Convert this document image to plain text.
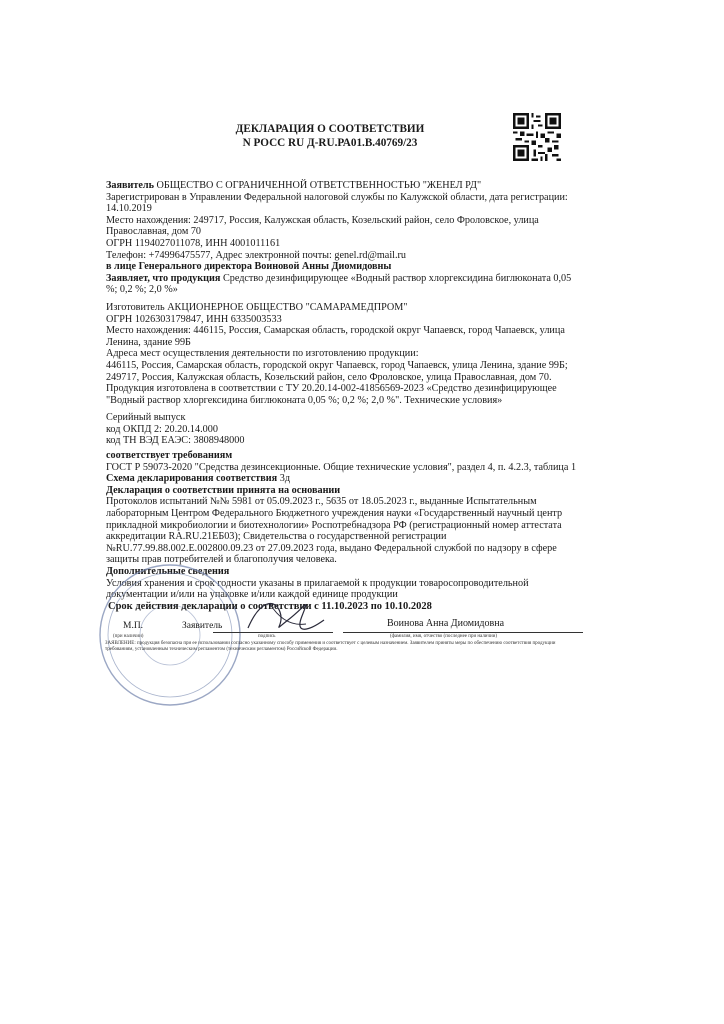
ДЕКЛАРАЦИЯ О СООТВЕТСТВИИ
N РОСС RU Д-RU.РА01.В.40769/23

Заявитель ОБЩЕСТВО С ОГРАНИЧЕННОЙ ОТВЕТСТВЕННОСТЬЮ "ЖЕНЕЛ РД"

Зарегистрирован в Управлении Федеральной налоговой службы по Калужской области, дата регистрации: 14.10.2019

Место нахождения: 249717, Россия, Калужская область, Козельский район, село Фроловское, улица Православная, дом 70

ОГРН 1194027011078, ИНН 4001011161

Телефон: +74996475577, Адрес электронной почты: genel.rd@mail.ru

в лице Генерального директора Воиновой Анны Диомидовны

Заявляет, что продукция Средство дезинфицирующее «Водный раствор хлоргексидина биглюконата 0,05 %; 0,2 %; 2,0 %»

Изготовитель АКЦИОНЕРНОЕ ОБЩЕСТВО "САМАРАМЕДПРОМ"

ОГРН 1026303179847, ИНН 6335003533

Место нахождения: 446115, Россия, Самарская область, городской округ Чапаевск, город Чапаевск, улица Ленина, здание 99Б

Адреса мест осуществления деятельности по изготовлению продукции:

446115, Россия, Самарская область, городской округ Чапаевск, город Чапаевск, улица Ленина, здание 99Б; 249717, Россия, Калужская область, Козельский район, село Фроловское, улица Православная, дом 70.

Продукция изготовлена в соответствии с ТУ 20.20.14-002-41856569-2023 «Средство дезинфицирующее "Водный раствор хлоргексидина биглюконата 0,05 %; 0,2 %; 2,0 %". Технические условия»

Серийный выпуск

код ОКПД 2: 20.20.14.000

код ТН ВЭД ЕАЭС: 3808948000

соответствует требованиям

ГОСТ Р 59073-2020 "Средства дезинсекционные. Общие технические условия", раздел 4, п. 4.2.3, таблица 1

Схема декларирования соответствия 3д

Декларация о соответствии принята на основании

Протоколов испытаний №№ 5981 от 05.09.2023 г., 5635 от 18.05.2023 г., выданные Испытательным лабораторным Центром Федерального Бюджетного учреждения науки «Государственный научный центр прикладной микробиологии и биотехнологии» Роспотребнадзора РФ (регистрационный номер аттестата аккредитации RA.RU.21ЕБ03); Свидетельства о государственной регистрации №RU.77.99.88.002.Е.002800.09.23 от 27.09.2023 года, выдано Федеральной службой по надзору в сфере защиты прав потребителей и благополучия человека.

Дополнительные сведения

Условия хранения и срок годности указаны в прилагаемой к продукции товаросопроводительной документации и/или на упаковке и/или каждой единице продукции

Срок действия декларации о соответствии с 11.10.2023 по 10.10.2028
М.П.
(при наличии)
Заявитель
подпись
Воинова Анна Диомидовна
(фамилия, имя, отчество (последнее при наличии)
ЗАЯВЛЕНИЕ: продукция безопасна при ее использовании согласно указанному способу применения и соответствует с целевым назначением. Заявителем приняты меры по обеспечению соответствия продукции требованиям, установленным техническим регламентом (техническим регламентом) Российской Федерации.
